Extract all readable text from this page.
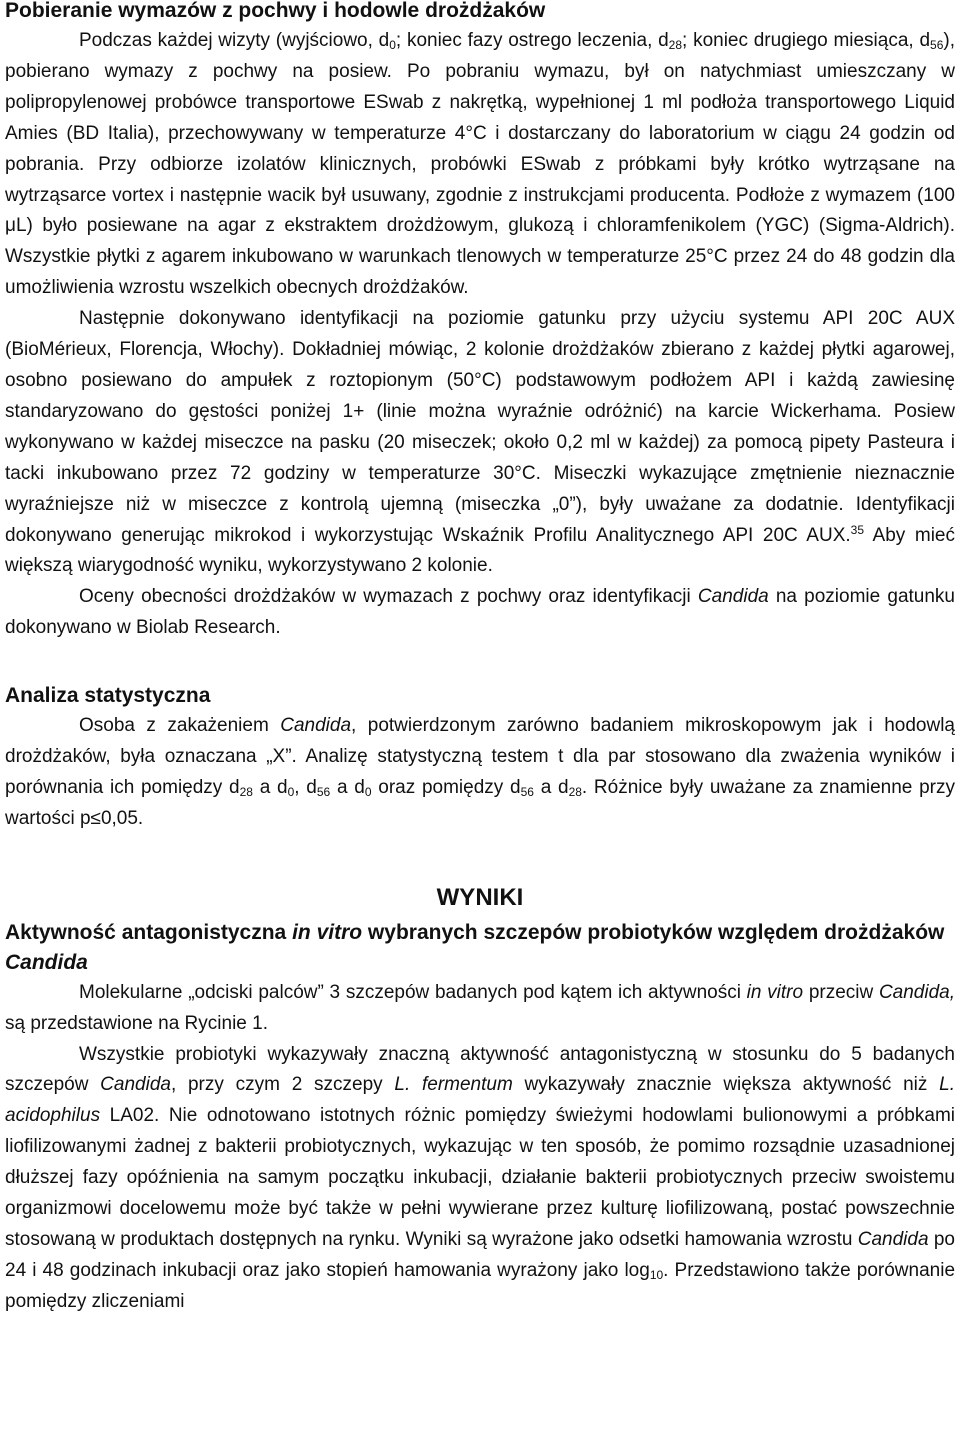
Pobieranie wymazów z pochwy i hodowle drożdżaków

Podczas każdej wizyty (wyjściowo, $d_0$; koniec fazy ostrego leczenia, $d_{28}$; koniec drugiego miesiąca, $d_{56}$), pobierano wymazy z pochwy na posiew. Po pobraniu wymazu, był on natychmiast umieszczany w polipropylenowej probówce transportowe ESwab z nakrętką, wypełnionej 1 ml podłoża transportowego Liquid Amies (BD Italia), przechowywany w temperaturze 4°C i dostarczany do laboratorium w ciągu 24 godzin od pobrania. Przy odbiorze izolatów klinicznych, probówki ESwab z próbkami były krótko wytrząsane na wytrząsarce vortex i następnie wacik był usuwany, zgodnie z instrukcjami producenta. Podłoże z wymazem (100 μL) było posiewane na agar z ekstraktem drożdżowym, glukozą i chloramfenikolem (YGC) (Sigma-Aldrich). Wszystkie płytki z agarem inkubowano w warunkach tlenowych w temperaturze 25°C przez 24 do 48 godzin dla umożliwienia wzrostu wszelkich obecnych drożdżaków.

Następnie dokonywano identyfikacji na poziomie gatunku przy użyciu systemu API 20C AUX (BioMérieux, Florencja, Włochy). Dokładniej mówiąc, 2 kolonie drożdżaków zbierano z każdej płytki agarowej, osobno posiewano do ampułek z roztopionym (50°C) podstawowym podłożem API i każdą zawiesinę standaryzowano do gęstości poniżej 1+ (linie można wyraźnie odróżnić) na karcie Wickerhama. Posiew wykonywano w każdej miseczce na pasku (20 miseczek; około 0,2 ml w każdej) za pomocą pipety Pasteura i tacki inkubowano przez 72 godziny w temperaturze 30°C. Miseczki wykazujące zmętnienie nieznacznie wyraźniejsze niż w miseczce z kontrolą ujemną (miseczka „0”), były uważane za dodatnie. Identyfikacji dokonywano generując mikrokod i wykorzystując Wskaźnik Profilu Analitycznego API 20C AUX.$^{35}$ Aby mieć większą wiarygodność wyniku, wykorzystywano 2 kolonie.

Oceny obecności drożdżaków w wymazach z pochwy oraz identyfikacji Candida na poziomie gatunku dokonywano w Biolab Research.

Analiza statystyczna

Osoba z zakażeniem Candida, potwierdzonym zarówno badaniem mikroskopowym jak i hodowlą drożdżaków, była oznaczana „X”. Analizę statystyczną testem t dla par stosowano dla zważenia wyników i porównania ich pomiędzy $d_{28}$ a $d_0$, $d_{56}$ a $d_0$ oraz pomiędzy $d_{56}$ a $d_{28}$. Różnice były uważane za znamienne przy wartości p≤0,05.

WYNIKI
Aktywność antagonistyczna in vitro wybranych szczepów probiotyków względem drożdżaków Candida

Molekularne „odciski palców” 3 szczepów badanych pod kątem ich aktywności in vitro przeciw Candida, są przedstawione na Rycinie 1.

Wszystkie probiotyki wykazywały znaczną aktywność antagonistyczną w stosunku do 5 badanych szczepów Candida, przy czym 2 szczepy L. fermentum wykazywały znacznie większa aktywność niż L. acidophilus LA02. Nie odnotowano istotnych różnic pomiędzy świeżymi hodowlami bulionowymi a próbkami liofilizowanymi żadnej z bakterii probiotycznych, wykazując w ten sposób, że pomimo rozsądnie uzasadnionej dłuższej fazy opóźnienia na samym początku inkubacji, działanie bakterii probiotycznych przeciw swoistemu organizmowi docelowemu może być także w pełni wywierane przez kulturę liofilizowaną, postać powszechnie stosowaną w produktach dostępnych na rynku. Wyniki są wyrażone jako odsetki hamowania wzrostu Candida po 24 i 48 godzinach inkubacji oraz jako stopień hamowania wyrażony jako $\log_{10}$. Przedstawiono także porównanie pomiędzy zliczeniami
